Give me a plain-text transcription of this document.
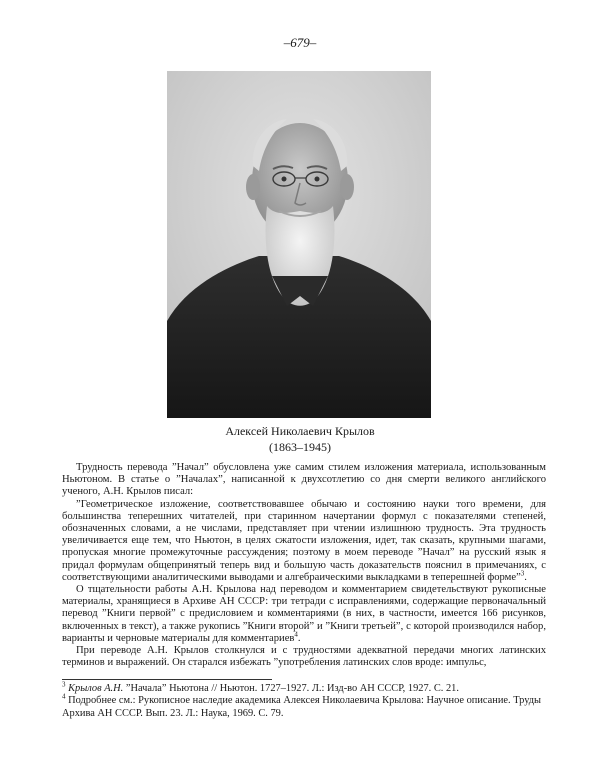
–679–
Алексей Николаевич Крылов
(1863–1945)

Трудность перевода ”Начал” обусловлена уже самим стилем изложения материала, использованным Ньютоном. В статье о ”Началах”, написанной к двухсотлетию со дня смерти великого английского ученого, А.Н. Крылов писал:

”Геометрическое изложение, соответствовавшее обычаю и состоянию науки того времени, для большинства теперешних читателей, при старинном начертании формул с показателями степеней, обозначенных словами, а не числами, представляет при чтении излишнюю трудность. Эта трудность увеличивается еще тем, что Ньютон, в целях сжатости изложения, идет, так сказать, крупными шагами, пропуская многие промежуточные рассуждения; поэтому в моем переводе ”Начал” на русский язык я придал формулам общепринятый теперь вид и большую часть доказательств пояснил в примечаниях, с соответствующими аналитическими выводами и алгебраическими выкладками в теперешней форме”$^3$.

О тщательности работы А.Н. Крылова над переводом и комментарием свидетельствуют рукописные материалы, хранящиеся в Архиве АН СССР: три тетради с исправлениями, содержащие первоначальный перевод ”Книги первой” с предисловием и комментариями (в них, в частности, имеется 166 рисунков, включенных в текст), а также рукопись ”Книги второй” и ”Книги третьей”, с которой производился набор, варианты и черновые материалы для комментариев$^4$.

При переводе А.Н. Крылов столкнулся и с трудностями адекватной передачи многих латинских терминов и выражений. Он старался избежать ”употребления латинских слов вроде: импульс,

$^3$ Крылов А.Н. ”Начала” Ньютона // Ньютон. 1727–1927. Л.: Изд-во АН СССР, 1927. С. 21.

$^4$ Подробнее см.: Рукописное наследие академика Алексея Николаевича Крылова: Научное описание. Труды Архива АН СССР. Вып. 23. Л.: Наука, 1969. С. 79.
